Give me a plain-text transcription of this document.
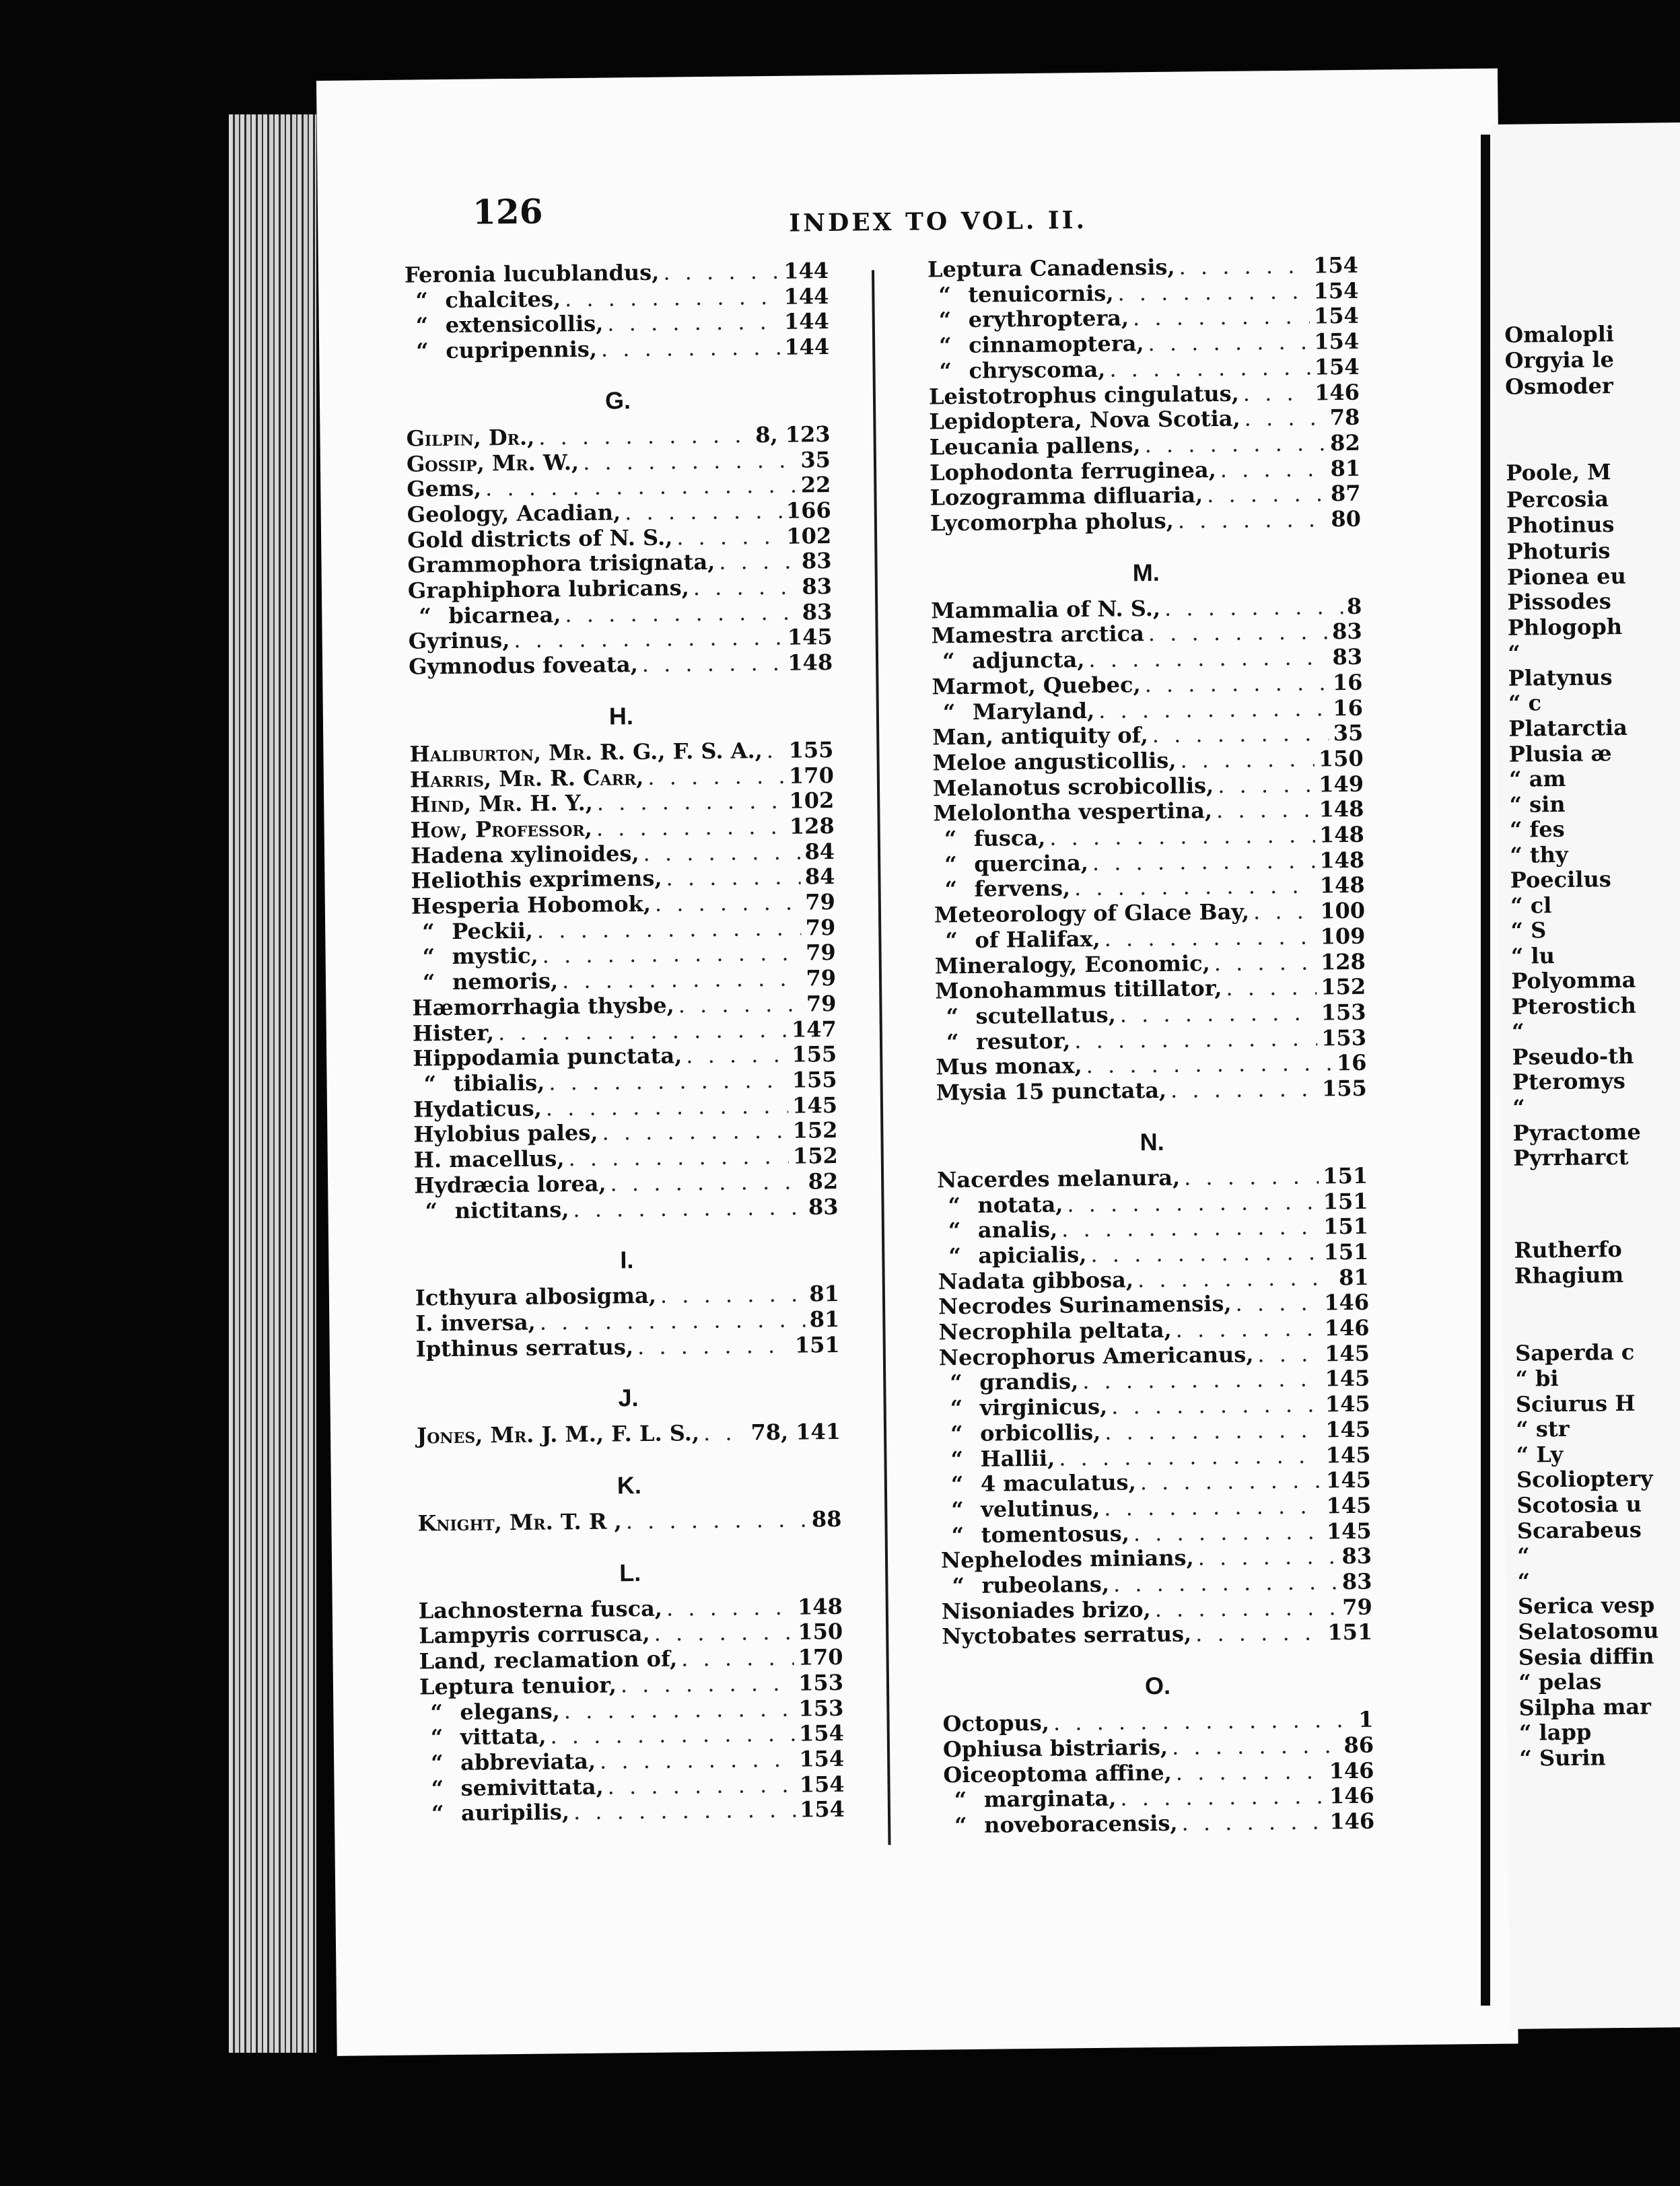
126	INDEX TO VOL. II.
Feronia lucublandus, . . .	144
“ chalcites, . . .	144
“ extensicollis, . . .	144
“ cupripennis, . . .	144
G.
Gilpin, Dr., . . .	8, 123
Gossip, Mr. W., . . .	35
Gems, . . .	22
Geology, Acadian, . . .	166
Gold districts of N. S., . . .	102
Grammophora trisignata, . . .	83
Graphiphora lubricans, . . .	83
“ bicarnea, . . .	83
Gyrinus, . . .	145
Gymnodus foveata, . . .	148
H.
Haliburton, Mr. R. G., F. S. A., . . . 155
Harris, Mr. R. Carr, . . .	170
Hind, Mr. H. Y., . . .	102
How, Professor, . . .	128
Hadena xylinoides, . . .	84
Heliothis exprimens, . . .	84
Hesperia Hobomok, . . .	79
“ Peckii, . . .	79
“ mystic, . . .	79
“ nemoris, . . .	79
Hæmorrhagia thysbe, . . .	79
Hister, . . .	147
Hippodamia punctata, . . .	155
“ tibialis, . . .	155
Hydaticus, . . .	145
Hylobius pales, . . .	152
H. macellus, . . .	152
Hydræcia lorea, . . .	82
“ nictitans, . . .	83
I.
Icthyura albosigma, . . .	81
I. inversa, . . .	81
Ipthinus serratus, . . .	151
J.
Jones, Mr. J. M., F. L. S., . . . 78, 141
K.
Knight, Mr. T. R , . . .	88
L.
Lachnosterna fusca, . . .	148
Lampyris corrusca, . . .	150
Land, reclamation of, . . .	170
Leptura tenuior, . . .	153
“ elegans, . . .	153
“ vittata, . . .	154
“ abbreviata, . . .	154
“ semivittata, . . .	154
“ auripilis, . . .	154
Leptura Canadensis, . . .	154
“ tenuicornis, . . .	154
“ erythroptera, . . .	154
“ cinnamoptera, . . .	154
“ chryscoma, . . .	154
Leistotrophus cingulatus, . . .	146
Lepidoptera, Nova Scotia, . . .	78
Leucania pallens, . . .	82
Lophodonta ferruginea, . . .	81
Lozogramma difluaria, . . .	87
Lycomorpha pholus, . . .	80
M.
Mammalia of N. S., . . .	8
Mamestra arctica . . .	83
“ adjuncta, . . .	83
Marmot, Quebec, . . .	16
“ Maryland, . . .	16
Man, antiquity of, . . .	35
Meloe angusticollis, . . .	150
Melanotus scrobicollis, . . .	149
Melolontha vespertina, . . .	148
“ fusca, . . .	148
“ quercina, . . .	148
“ fervens, . . .	148
Meteorology of Glace Bay, . . .	100
“ of Halifax, . . .	109
Mineralogy, Economic, . . .	128
Monohammus titillator, . . .	152
“ scutellatus, . . .	153
“ resutor, . . .	153
Mus monax, . . .	16
Mysia 15 punctata, . . .	155
N.
Nacerdes melanura, . . .	151
“ notata, . . .	151
“ analis, . . .	151
“ apicialis, . . .	151
Nadata gibbosa, . . .	81
Necrodes Surinamensis, . . .	146
Necrophila peltata, . . .	146
Necrophorus Americanus, . . .	145
“ grandis, . . .	145
“ virginicus, . . .	145
“ orbicollis, . . .	145
“ Hallii, . . .	145
“ 4 maculatus, . . .	145
“ velutinus, . . .	145
“ tomentosus, . . .	145
Nephelodes minians, . . .	83
“ rubeolans, . . .	83
Nisoniades brizo, . . .	79
Nyctobates serratus, . . .	151
O.
Octopus, . . .	1
Ophiusa bistriaris, . . .	86
Oiceoptoma affine, . . .	146
“ marginata, . . .	146
“ noveboracensis, . . .	146
Omalopli
Orgyia le
Osmoder
Poole, M
Percosia
Photinus
Photuris
Pionea eu
Pissodes
Phlogoph
“
Platynus
“ c
Platarctia
Plusia æ
“ am
“ sin
“ fes
“ thy
Poecilus
“ cl
“ S
“ lu
Polyomma
Pterostich
“
Pseudo-th
Pteromys
“
Pyractome
Pyrrharct
Rutherfo
Rhagium
Saperda c
“ bi
Sciurus H
“ str
“ Ly
Scolioptery
Scotosia u
Scarabeus
“
“
Serica vesp
Selatosomu
Sesia diffin
“ pelas
Silpha mar
“ lapp
“ Surin
